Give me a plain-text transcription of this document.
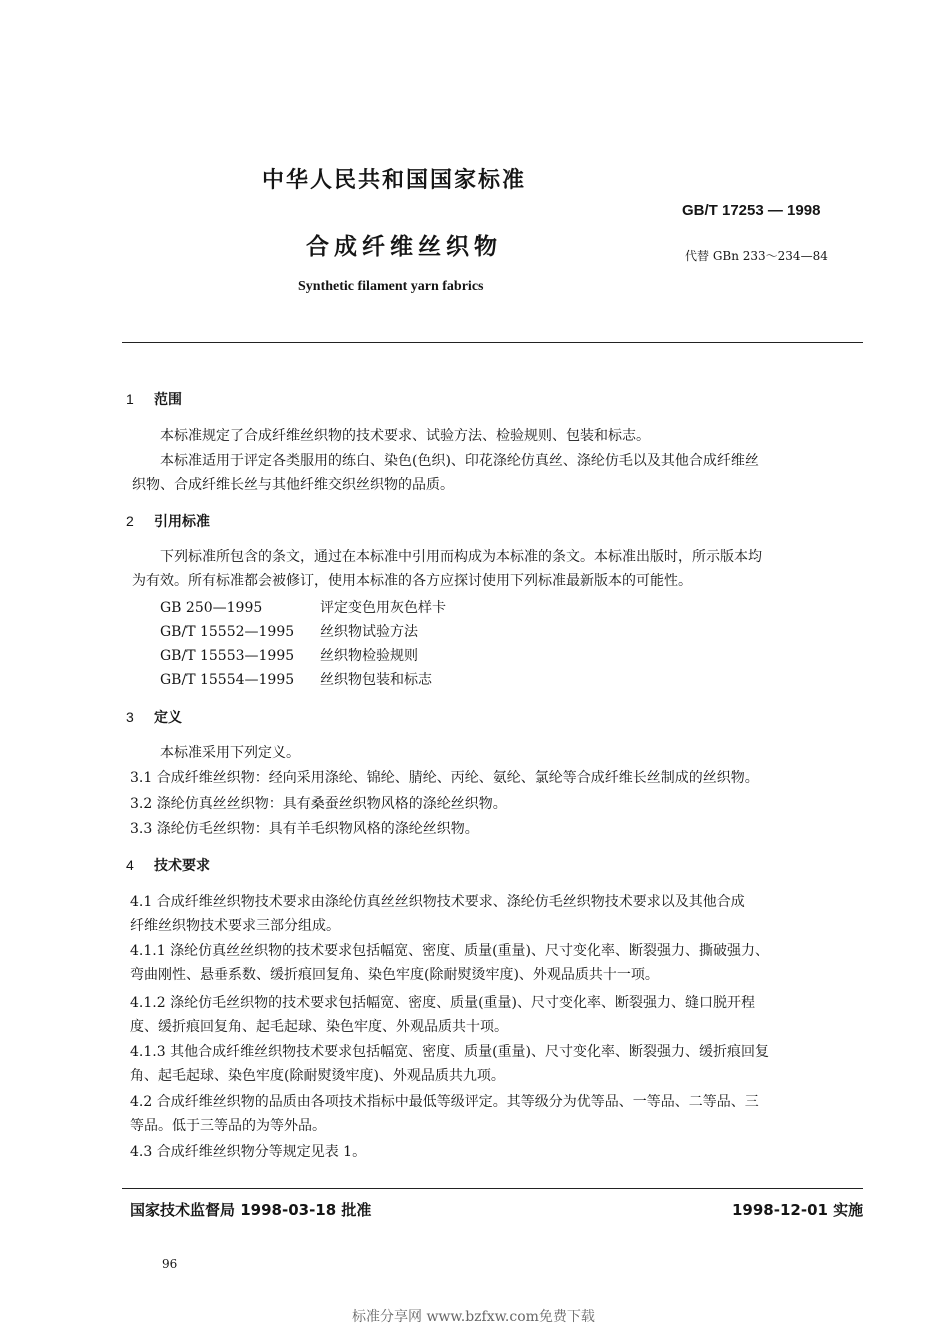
中华人民共和国国家标准
GB/T 17253 — 1998
合成纤维丝织物	代替 GBn 233～234—84
Synthetic filament yarn fabrics
1 范围
本标准规定了合成纤维丝织物的技术要求、试验方法、检验规则、包装和标志。
本标准适用于评定各类服用的练白、染色(色织)、印花涤纶仿真丝、涤纶仿毛以及其他合成纤维丝
织物、合成纤维长丝与其他纤维交织丝织物的品质。
2 引用标准
下列标准所包含的条文，通过在本标准中引用而构成为本标准的条文。本标准出版时，所示版本均
为有效。所有标准都会被修订，使用本标准的各方应探讨使用下列标准最新版本的可能性。
GB 250—1995	评定变色用灰色样卡
GB/T 15552—1995 丝织物试验方法
GB/T 15553—1995 丝织物检验规则
GB/T 15554—1995 丝织物包装和标志
3 定义
本标准采用下列定义。
3.1 合成纤维丝织物：经向采用涤纶、锦纶、腈纶、丙纶、氨纶、氯纶等合成纤维长丝制成的丝织物。
3.2 涤纶仿真丝丝织物：具有桑蚕丝织物风格的涤纶丝织物。
3.3 涤纶仿毛丝织物：具有羊毛织物风格的涤纶丝织物。
4 技术要求
4.1 合成纤维丝织物技术要求由涤纶仿真丝丝织物技术要求、涤纶仿毛丝织物技术要求以及其他合成
纤维丝织物技术要求三部分组成。
4.1.1 涤纶仿真丝丝织物的技术要求包括幅宽、密度、质量(重量)、尺寸变化率、断裂强力、撕破强力、
弯曲刚性、悬垂系数、缓折痕回复角、染色牢度(除耐熨烫牢度)、外观品质共十一项。
4.1.2 涤纶仿毛丝织物的技术要求包括幅宽、密度、质量(重量)、尺寸变化率、断裂强力、缝口脱开程
度、缓折痕回复角、起毛起球、染色牢度、外观品质共十项。
4.1.3 其他合成纤维丝织物技术要求包括幅宽、密度、质量(重量)、尺寸变化率、断裂强力、缓折痕回复
角、起毛起球、染色牢度(除耐熨烫牢度)、外观品质共九项。
4.2 合成纤维丝织物的品质由各项技术指标中最低等级评定。其等级分为优等品、一等品、二等品、三
等品。低于三等品的为等外品。
4.3 合成纤维丝织物分等规定见表 1。
国家技术监督局 1998-03-18 批准	1998-12-01 实施
96
标准分享网 www.bzfxw.com免费下载
